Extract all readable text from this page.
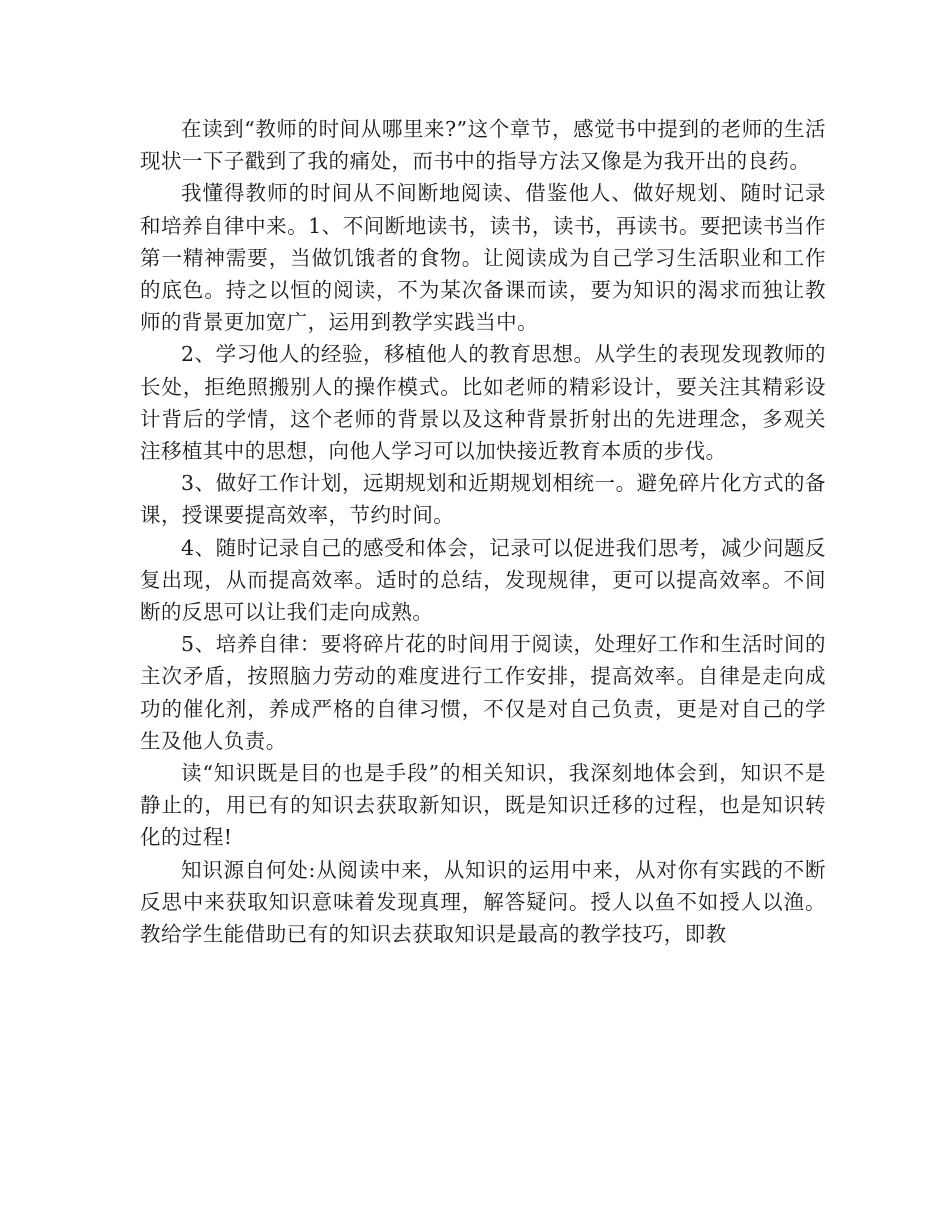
在读到“教师的时间从哪里来?”这个章节，感觉书中提到的老师的生活现状一下子戳到了我的痛处，而书中的指导方法又像是为我开出的良药。

我懂得教师的时间从不间断地阅读、借鉴他人、做好规划、随时记录和培养自律中来。1、不间断地读书，读书，读书，再读书。要把读书当作第一精神需要，当做饥饿者的食物。让阅读成为自己学习生活职业和工作的底色。持之以恒的阅读，不为某次备课而读，要为知识的渴求而独让教师的背景更加宽广，运用到教学实践当中。

2、学习他人的经验，移植他人的教育思想。从学生的表现发现教师的长处，拒绝照搬别人的操作模式。比如老师的精彩设计，要关注其精彩设计背后的学情，这个老师的背景以及这种背景折射出的先进理念，多观关注移植其中的思想，向他人学习可以加快接近教育本质的步伐。

3、做好工作计划，远期规划和近期规划相统一。避免碎片化方式的备课，授课要提高效率，节约时间。

4、随时记录自己的感受和体会，记录可以促进我们思考，减少问题反复出现，从而提高效率。适时的总结，发现规律，更可以提高效率。不间断的反思可以让我们走向成熟。

5、培养自律：要将碎片花的时间用于阅读，处理好工作和生活时间的主次矛盾，按照脑力劳动的难度进行工作安排，提高效率。自律是走向成功的催化剂，养成严格的自律习惯，不仅是对自己负责，更是对自己的学生及他人负责。

读“知识既是目的也是手段”的相关知识，我深刻地体会到，知识不是静止的，用已有的知识去获取新知识，既是知识迁移的过程，也是知识转化的过程!

知识源自何处:从阅读中来，从知识的运用中来，从对你有实践的不断反思中来获取知识意味着发现真理，解答疑问。授人以鱼不如授人以渔。教给学生能借助已有的知识去获取知识是最高的教学技巧，即教
